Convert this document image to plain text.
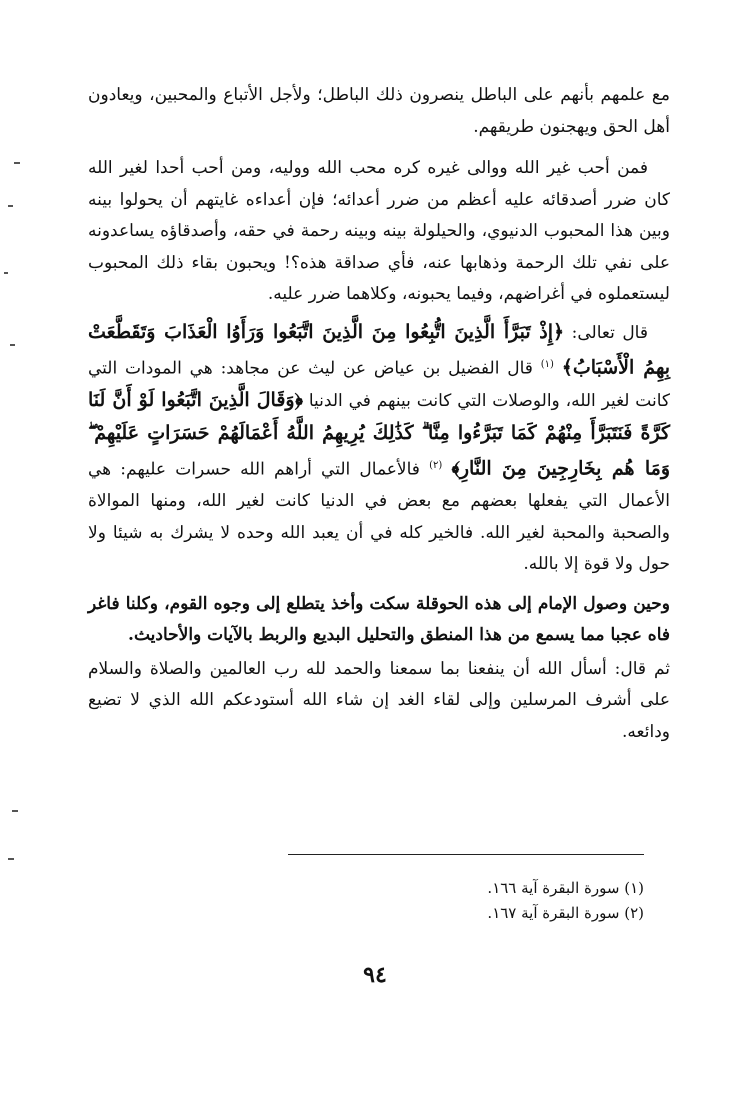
مع علمهم بأنهم على الباطل ينصرون ذلك الباطل؛ ولأجل الأتباع والمحبين، ويعادون أهل الحق ويهجنون طريقهم.

فمن أحب غير الله ووالى غيره كره محب الله ووليه، ومن أحب أحدا لغير الله كان ضرر أصدقائه عليه أعظم من ضرر أعدائه؛ فإن أعداءه غايتهم أن يحولوا بينه وبين هذا المحبوب الدنيوي، والحيلولة بينه وبينه رحمة في حقه، وأصدقاؤه يساعدونه على نفي تلك الرحمة وذهابها عنه، فأي صداقة هذه؟! ويحبون بقاء ذلك المحبوب ليستعملوه في أغراضهم، وفيما يحبونه، وكلاهما ضرر عليه.

قال تعالى: ﴿إِذْ تَبَرَّأَ الَّذِينَ اتُّبِعُوا مِنَ الَّذِينَ اتَّبَعُوا وَرَأَوُا الْعَذَابَ وَتَقَطَّعَتْ بِهِمُ الْأَسْبَابُ﴾ $^{(١)}$ قال الفضيل بن عياض عن ليث عن مجاهد: هي المودات التي كانت لغير الله، والوصلات التي كانت بينهم في الدنيا ﴿وَقَالَ الَّذِينَ اتَّبَعُوا لَوْ أَنَّ لَنَا كَرَّةً فَنَتَبَرَّأَ مِنْهُمْ كَمَا تَبَرَّءُوا مِنَّا ۗ كَذَٰلِكَ يُرِيهِمُ اللَّهُ أَعْمَالَهُمْ حَسَرَاتٍ عَلَيْهِمْ ۖ وَمَا هُم بِخَارِجِينَ مِنَ النَّارِ﴾ $^{(٢)}$ فالأعمال التي أراهم الله حسرات عليهم: هي الأعمال التي يفعلها بعضهم مع بعض في الدنيا كانت لغير الله، ومنها الموالاة والصحبة والمحبة لغير الله. فالخير كله في أن يعبد الله وحده لا يشرك به شيئا ولا حول ولا قوة إلا بالله.

وحين وصول الإمام إلى هذه الحوقلة سكت وأخذ يتطلع إلى وجوه القوم، وكلنا فاغر فاه عجبا مما يسمع من هذا المنطق والتحليل البديع والربط بالآيات والأحاديث.

ثم قال: أسأل الله أن ينفعنا بما سمعنا والحمد لله رب العالمين والصلاة والسلام على أشرف المرسلين وإلى لقاء الغد إن شاء الله أستودعكم الله الذي لا تضيع ودائعه.

(١) سورة البقرة آية ١٦٦.

(٢) سورة البقرة آية ١٦٧.

٩٤
